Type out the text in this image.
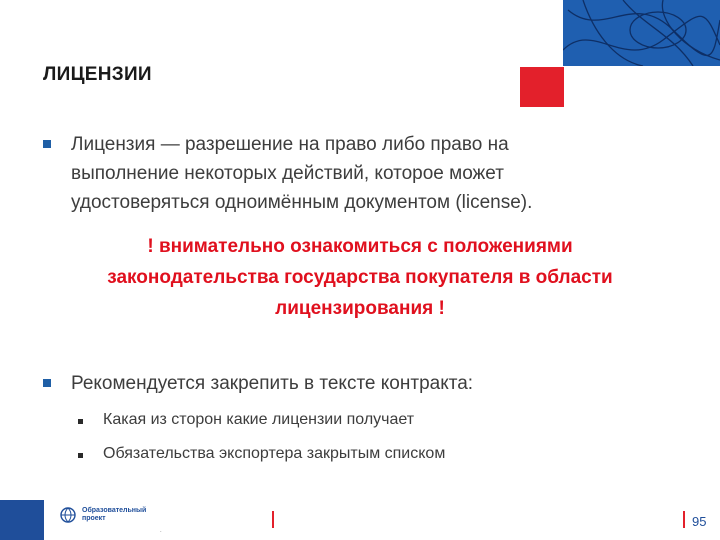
ЛИЦЕНЗИИ
Лицензия — разрешение на право либо право на
выполнение некоторых действий, которое может
удостоверяться одноимённым документом (license).
! внимательно ознакомиться с положениями
законодательства государства покупателя в области
лицензирования !
Рекомендуется закрепить в тексте контракта:
Какая из сторон какие лицензии получает
Обязательства экспортера закрытым списком
Образовательный
проект
.
95
